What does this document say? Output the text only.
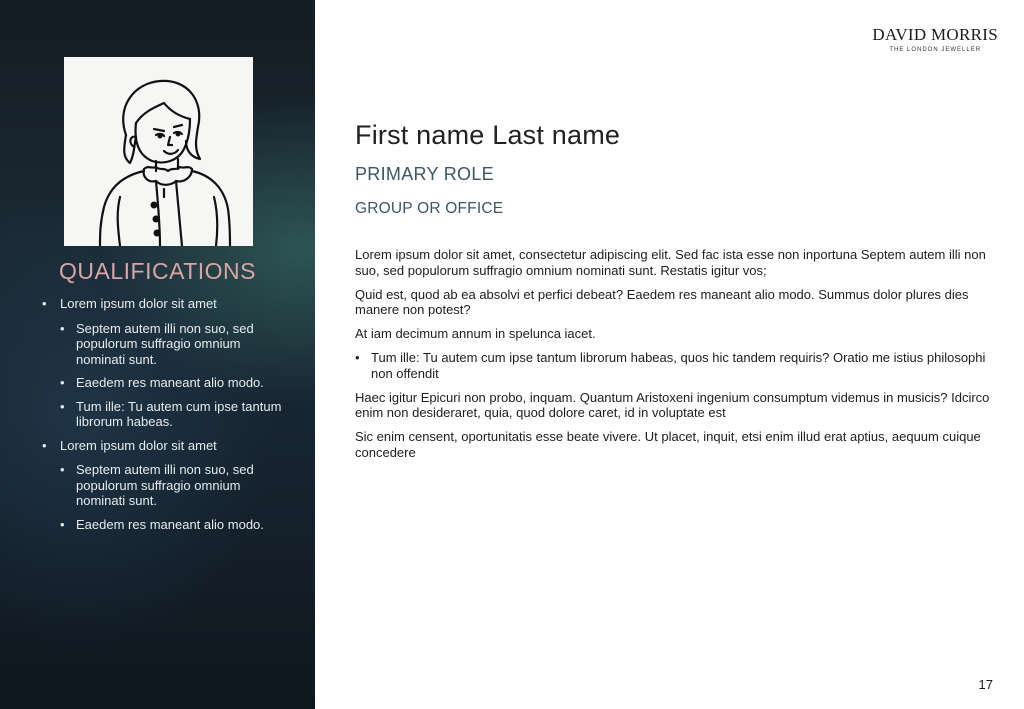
QUALIFICATIONS
• Lorem ipsum dolor sit amet
• Septem autem illi non suo, sed populorum suffragio omnium nominati sunt.
• Eaedem res maneant alio modo.
• Tum ille: Tu autem cum ipse tantum librorum habeas.
• Lorem ipsum dolor sit amet
• Septem autem illi non suo, sed populorum suffragio omnium nominati sunt.
• Eaedem res maneant alio modo.
DAVID MORRIS
THE LONDON JEWELLER
First name Last name
PRIMARY ROLE
GROUP OR OFFICE

Lorem ipsum dolor sit amet, consectetur adipiscing elit. Sed fac ista esse non inportuna Septem autem illi non suo, sed populorum suffragio omnium nominati sunt. Restatis igitur vos;

Quid est, quod ab ea absolvi et perfici debeat? Eaedem res maneant alio modo. Summus dolor plures dies manere non potest?

At iam decimum annum in spelunca iacet.

• Tum ille: Tu autem cum ipse tantum librorum habeas, quos hic tandem requiris? Oratio me istius philosophi non offendit

Haec igitur Epicuri non probo, inquam. Quantum Aristoxeni ingenium consumptum videmus in musicis? Idcirco enim non desideraret, quia, quod dolore caret, id in voluptate est

Sic enim censent, oportunitatis esse beate vivere. Ut placet, inquit, etsi enim illud erat aptius, aequum cuique concedere

17
